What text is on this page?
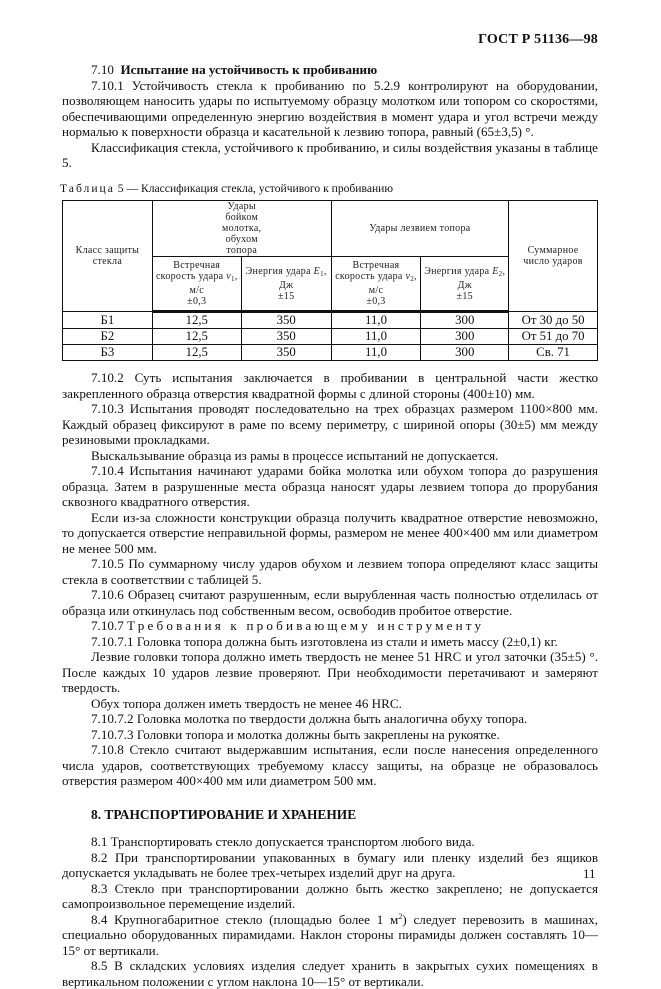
ГОСТ Р 51136—98

7.10 Испытание на устойчивость к пробиванию

7.10.1 Устойчивость стекла к пробиванию по 5.2.9 контролируют на оборудовании, позволяющем наносить удары по испытуемому образцу молотком или топором со скоростями, обеспечивающими определенную энергию воздействия в момент удара и угол встречи между нормалью к поверхности образца и касательной к лезвию топора, равный (65±3,5) °.

Классификация стекла, устойчивого к пробиванию, и силы воздействия указаны в таблице 5.

Таблица 5 — Классификация стекла, устойчивого к пробиванию
Класс защиты стекла	Удары бойком молотка, обухом топора		Удары лезвием топора		Суммарное число ударов
	Встречная
скорость удара $v_1$,
м/с
±0,3	Энергия удара $E_1$,
Дж
±15	Встречная
скорость удара $v_2$,
м/с
±0,3	Энергия удара $E_2$,
Дж
±15	
Б1	12,5	350	11,0	300	От 30 до 50
Б2	12,5	350	11,0	300	От 51 до 70
Б3	12,5	350	11,0	300	Св. 71

7.10.2 Суть испытания заключается в пробивании в центральной части жестко закрепленного образца отверстия квадратной формы с длиной стороны (400±10) мм.

7.10.3 Испытания проводят последовательно на трех образцах размером 1100×800 мм. Каждый образец фиксируют в раме по всему периметру, с шириной опоры (30±5) мм между резиновыми прокладками.

Выскальзывание образца из рамы в процессе испытаний не допускается.

7.10.4 Испытания начинают ударами бойка молотка или обухом топора до разрушения образца. Затем в разрушенные места образца наносят удары лезвием топора до прорубания сквозного квадратного отверстия.

Если из-за сложности конструкции образца получить квадратное отверстие невозможно, то допускается отверстие неправильной формы, размером не менее 400×400 мм или диаметром не менее 500 мм.

7.10.5 По суммарному числу ударов обухом и лезвием топора определяют класс защиты стекла в соответствии с таблицей 5.

7.10.6 Образец считают разрушенным, если вырубленная часть полностью отделилась от образца или откинулась под собственным весом, освободив пробитое отверстие.

7.10.7 Требования к пробивающему инструменту

7.10.7.1 Головка топора должна быть изготовлена из стали и иметь массу (2±0,1) кг.

Лезвие головки топора должно иметь твердость не менее 51 HRC и угол заточки (35±5) °. После каждых 10 ударов лезвие проверяют. При необходимости перетачивают и замеряют твердость.

Обух топора должен иметь твердость не менее 46 HRC.

7.10.7.2 Головка молотка по твердости должна быть аналогична обуху топора.

7.10.7.3 Головки топора и молотка должны быть закреплены на рукоятке.

7.10.8 Стекло считают выдержавшим испытания, если после нанесения определенного числа ударов, соответствующих требуемому классу защиты, на образце не образовалось отверстия размером 400×400 мм или диаметром 500 мм.

8. ТРАНСПОРТИРОВАНИЕ И ХРАНЕНИЕ

8.1 Транспортировать стекло допускается транспортом любого вида.

8.2 При транспортировании упакованных в бумагу или пленку изделий без ящиков допускается укладывать не более трех-четырех изделий друг на друга.

8.3 Стекло при транспортировании должно быть жестко закреплено; не допускается самопроизвольное перемещение изделий.

8.4 Крупногабаритное стекло (площадью более 1 $м^2$) следует перевозить в машинах, специально оборудованных пирамидами. Наклон стороны пирамиды должен составлять 10—15° от вертикали.

8.5 В складских условиях изделия следует хранить в закрытых сухих помещениях в вертикальном положении с углом наклона 10—15° от вертикали.

11
